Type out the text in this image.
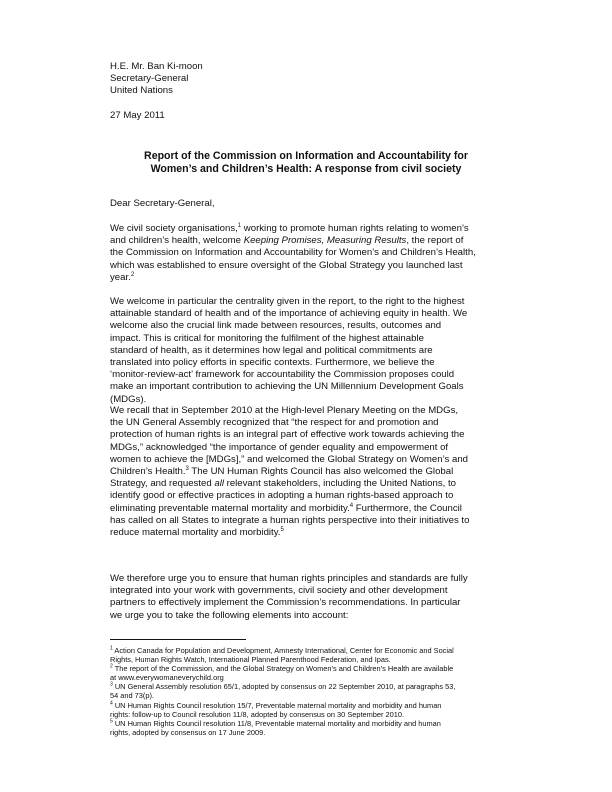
H.E. Mr. Ban Ki-moon
Secretary-General
United Nations
27 May 2011
Report of the Commission on Information and Accountability for
Women’s and Children’s Health: A response from civil society
Dear Secretary-General,
We civil society organisations,$^1$ working to promote human rights relating to women’s
and children’s health, welcome Keeping Promises, Measuring Results, the report of
the Commission on Information and Accountability for Women’s and Children’s Health,
which was established to ensure oversight of the Global Strategy you launched last
year.$^2$
We welcome in particular the centrality given in the report, to the right to the highest
attainable standard of health and of the importance of achieving equity in health. We
welcome also the crucial link made between resources, results, outcomes and
impact. This is critical for monitoring the fulfilment of the highest attainable
standard of health, as it determines how legal and political commitments are
translated into policy efforts in specific contexts. Furthermore, we believe the
‘monitor-review-act’ framework for accountability the Commission proposes could
make an important contribution to achieving the UN Millennium Development Goals
(MDGs).
We recall that in September 2010 at the High-level Plenary Meeting on the MDGs,
the UN General Assembly recognized that “the respect for and promotion and
protection of human rights is an integral part of effective work towards achieving the
MDGs,” acknowledged “the importance of gender equality and empowerment of
women to achieve the [MDGs],” and welcomed the Global Strategy on Women’s and
Children’s Health.$^3$ The UN Human Rights Council has also welcomed the Global
Strategy, and requested all relevant stakeholders, including the United Nations, to
identify good or effective practices in adopting a human rights-based approach to
eliminating preventable maternal mortality and morbidity.$^4$ Furthermore, the Council
has called on all States to integrate a human rights perspective into their initiatives to
reduce maternal mortality and morbidity.$^5$
We therefore urge you to ensure that human rights principles and standards are fully
integrated into your work with governments, civil society and other development
partners to effectively implement the Commission’s recommendations. In particular
we urge you to take the following elements into account:
$^1$ Action Canada for Population and Development, Amnesty International, Center for Economic and Social
Rights, Human Rights Watch, International Planned Parenthood Federation, and Ipas.
$^2$ The report of the Commission, and the Global Strategy on Women’s and Children’s Health are available
at www.everywomaneverychild.org
$^3$ UN General Assembly resolution 65/1, adopted by consensus on 22 September 2010, at paragraphs 53,
54 and 73(p).
$^4$ UN Human Rights Council resolution 15/7, Preventable maternal mortality and morbidity and human
rights: follow-up to Council resolution 11/8, adopted by consensus on 30 September 2010.
$^5$ UN Human Rights Council resolution 11/8, Preventable maternal mortality and morbidity and human
rights, adopted by consensus on 17 June 2009.
